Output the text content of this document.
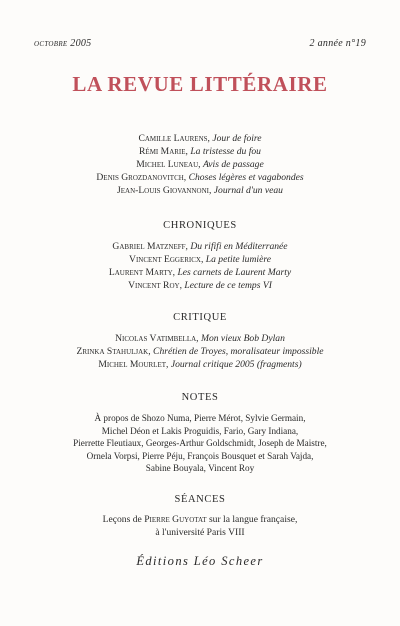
octobre 2005	2 année n°19
LA REVUE LITTÉRAIRE
Camille Laurens, Jour de foire
Rémi Marie, La tristesse du fou
Michel Luneau, Avis de passage
Denis Grozdanovitch, Choses légères et vagabondes
Jean-Louis Giovannoni, Journal d'un veau
CHRONIQUES
Gabriel Matzneff, Du rififi en Méditerranée
Vincent Eggericx, La petite lumière
Laurent Marty, Les carnets de Laurent Marty
Vincent Roy, Lecture de ce temps VI
CRITIQUE
Nicolas Vatimbella, Mon vieux Bob Dylan
Zrinka Stahuljak, Chrétien de Troyes, moralisateur impossible
Michel Mourlet, Journal critique 2005 (fragments)
NOTES
À propos de Shozo Numa, Pierre Mérot, Sylvie Germain,
Michel Déon et Lakis Proguidis, Fario, Gary Indiana,
Pierrette Fleutiaux, Georges-Arthur Goldschmidt, Joseph de Maistre,
Ornela Vorpsi, Pierre Péju, François Bousquet et Sarah Vajda,
Sabine Bouyala, Vincent Roy
SÉANCES
Leçons de Pierre Guyotat sur la langue française,
à l'université Paris VIII
Éditions Léo Scheer
